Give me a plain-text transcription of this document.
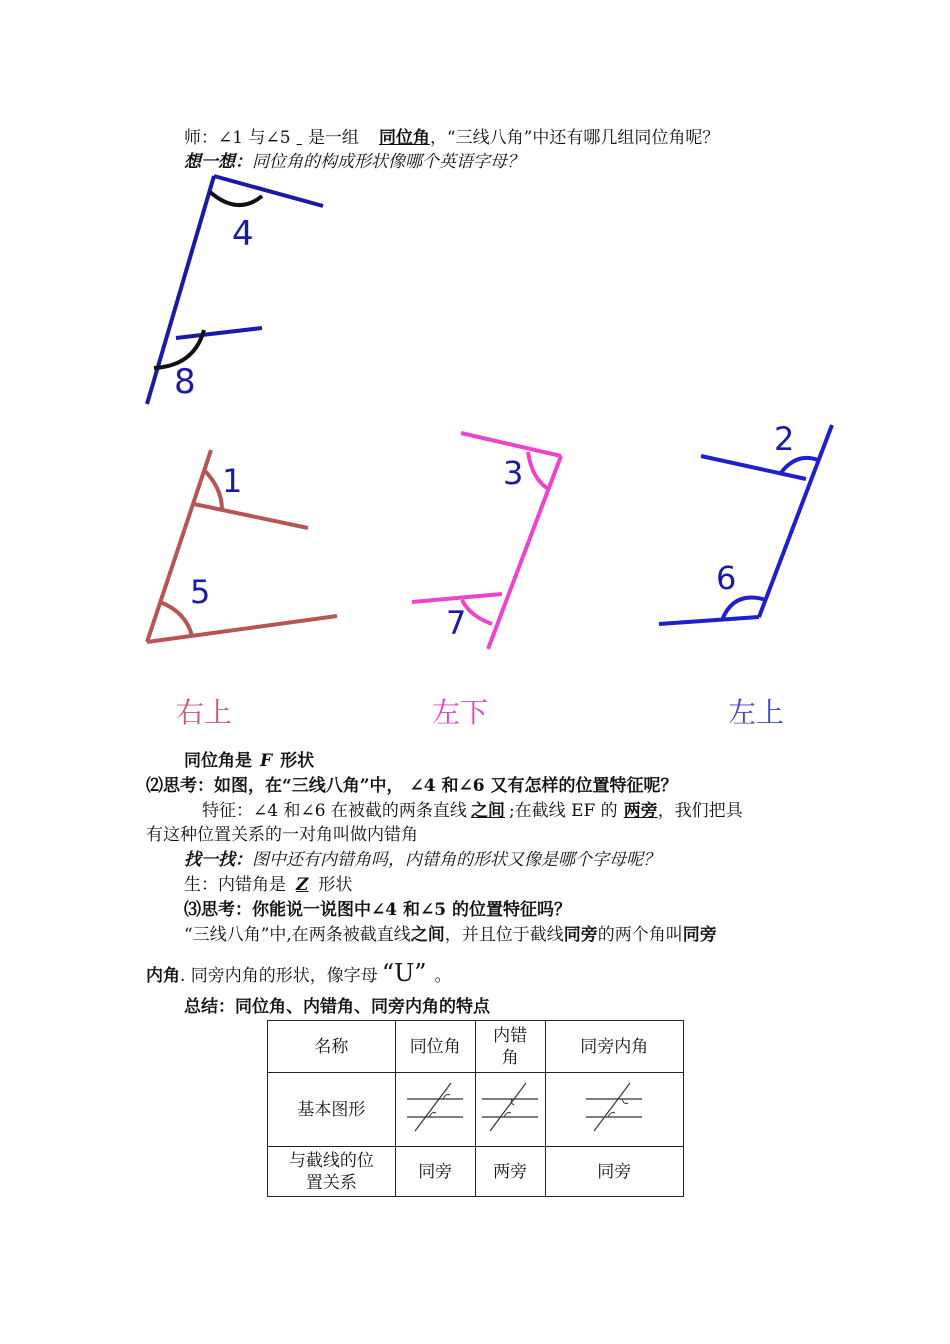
师：∠1 与∠5 是一组 同位角，“三线八角”中还有哪几组同位角呢？
想一想：同位角的构成形状像哪个英语字母？
4
8
1
5
3
7
2
6
右上	左下	左上
同位角是 F 形状
⑵思考：如图，在“三线八角”中， ∠4 和∠6 又有怎样的位置特征呢？
特征：∠4 和∠6 在被截的两条直线 之间 ;在截线 EF 的 两旁，我们把具
有这种位置关系的一对角叫做内错角
找一找：图中还有内错角吗，内错角的形状又像是哪个字母呢？
生：内错角是 Z 形状
⑶思考：你能说一说图中∠4 和∠5 的位置特征吗？
“三线八角”中,在两条被截直线之间，并且位于截线同旁的两个角叫同旁
内角. 同旁内角的形状，像字母 “U” 。
总结：同位角、内错角、同旁内角的特点
名称	同位角	内错角	同旁内角
基本图形			

与截线的位置关系	同旁	两旁	同旁
